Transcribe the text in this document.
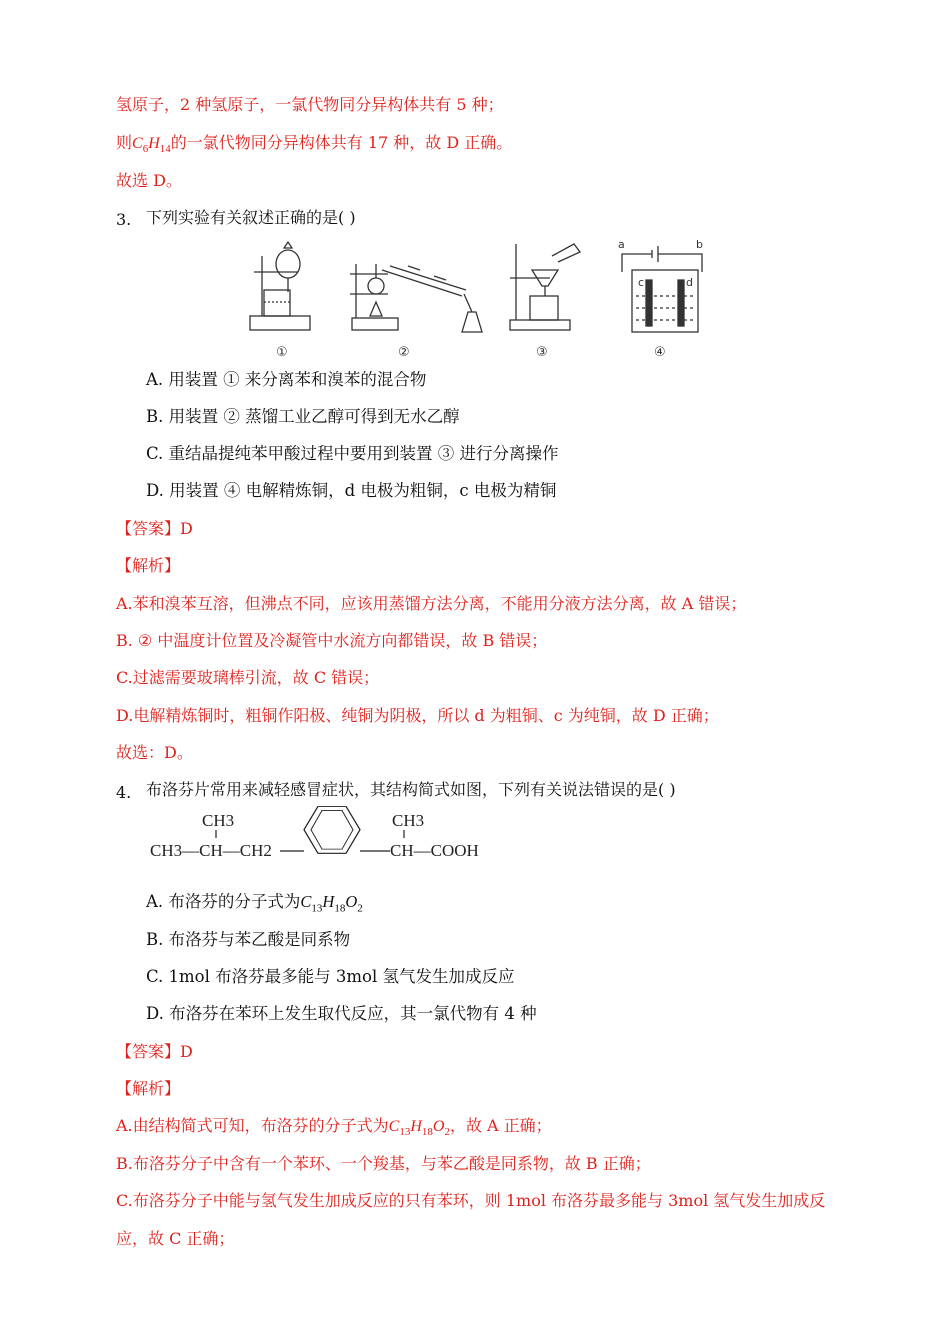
氢原子，2 种氢原子，一氯代物同分异构体共有 5 种；
则$C_6H_{14}$的一氯代物同分异构体共有 17 种，故 D 正确。
故选 D。
3. 下列实验有关叙述正确的是( )
a	b
c	d
①	②	③	④
A. 用装置 ① 来分离苯和溴苯的混合物
B. 用装置 ② 蒸馏工业乙醇可得到无水乙醇
C. 重结晶提纯苯甲酸过程中要用到装置 ③ 进行分离操作
D. 用装置 ④ 电解精炼铜，d 电极为粗铜，c 电极为精铜
【答案】D
【解析】
A.苯和溴苯互溶，但沸点不同，应该用蒸馏方法分离，不能用分液方法分离，故 A 错误；
B. ② 中温度计位置及冷凝管中水流方向都错误，故 B 错误；
C.过滤需要玻璃棒引流，故 C 错误；
D.电解精炼铜时，粗铜作阳极、纯铜为阴极，所以 d 为粗铜、c 为纯铜，故 D 正确；
故选：D。
4. 布洛芬片常用来减轻感冒症状，其结构简式如图，下列有关说法错误的是( )
CH3
CH3—CH—CH2
CH3
CH—COOH
A. 布洛芬的分子式为$C_{13}H_{18}O_2$
B. 布洛芬与苯乙酸是同系物
C. 1mol 布洛芬最多能与 3mol 氢气发生加成反应
D. 布洛芬在苯环上发生取代反应，其一氯代物有 4 种
【答案】D
【解析】
A.由结构简式可知，布洛芬的分子式为$C_{13}H_{18}O_2$，故 A 正确；
B.布洛芬分子中含有一个苯环、一个羧基，与苯乙酸是同系物，故 B 正确；
C.布洛芬分子中能与氢气发生加成反应的只有苯环，则 1mol 布洛芬最多能与 3mol 氢气发生加成反
应，故 C 正确；
